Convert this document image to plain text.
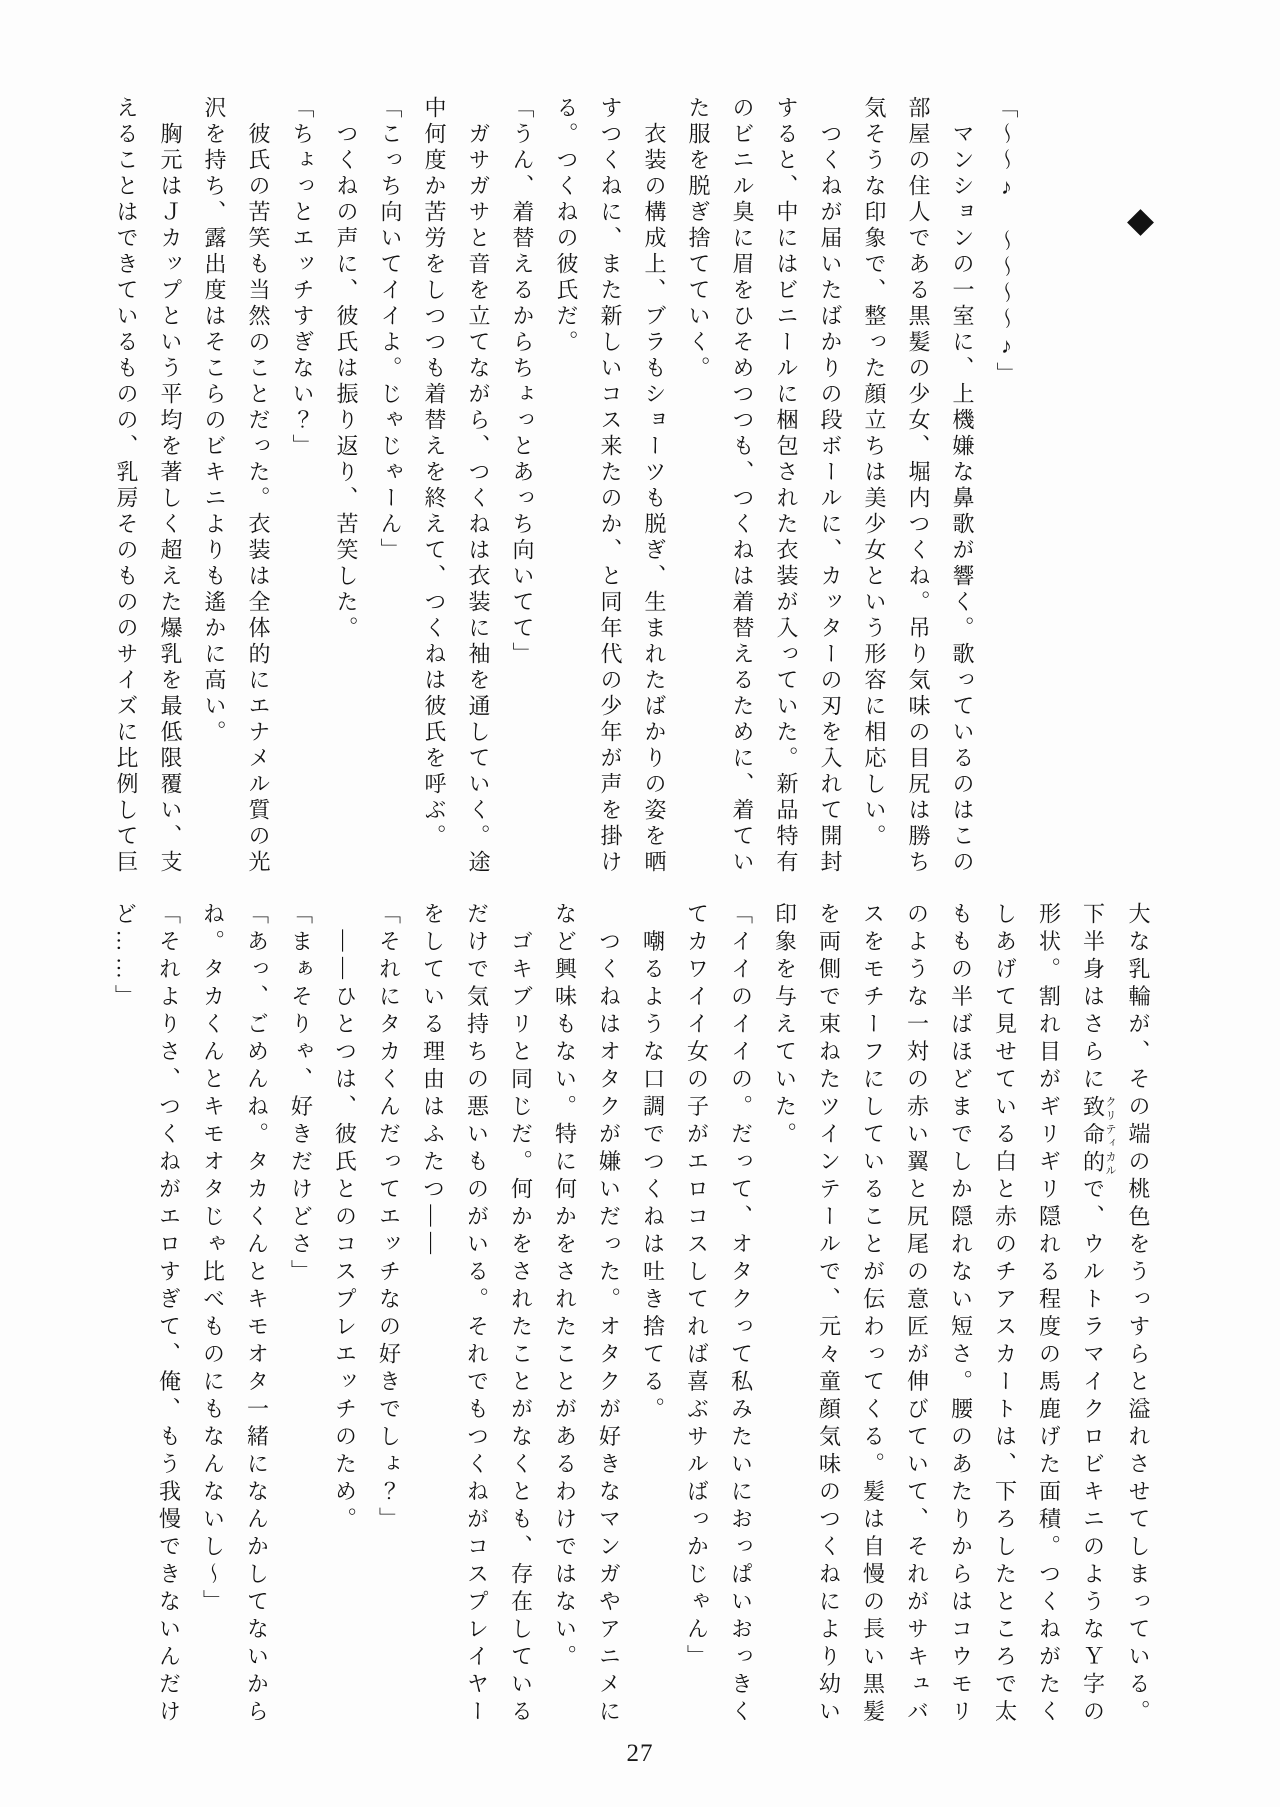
「〜〜♪　〜〜〜〜♪」

　マンションの一室に、上機嫌な鼻歌が響く。歌っているのはこの

部屋の住人である黒髪の少女、堀内つくね。吊り気味の目尻は勝ち

気そうな印象で、整った顔立ちは美少女という形容に相応しい。

　つくねが届いたばかりの段ボールに、カッターの刃を入れて開封

すると、中にはビニールに梱包された衣装が入っていた。新品特有

のビニル臭に眉をひそめつつも、つくねは着替えるために、着てい

た服を脱ぎ捨てていく。

　衣装の構成上、ブラもショーツも脱ぎ、生まれたばかりの姿を晒

すつくねに、また新しいコス来たのか、と同年代の少年が声を掛け

る。つくねの彼氏だ。

「うん、着替えるからちょっとあっち向いてて」

　ガサガサと音を立てながら、つくねは衣装に袖を通していく。途

中何度か苦労をしつつも着替えを終えて、つくねは彼氏を呼ぶ。

「こっち向いてイイよ。じゃじゃーん」

　つくねの声に、彼氏は振り返り、苦笑した。

「ちょっとエッチすぎない？」

　彼氏の苦笑も当然のことだった。衣装は全体的にエナメル質の光

沢を持ち、露出度はそこらのビキニよりも遙かに高い。

　胸元はＪカップという平均を著しく超えた爆乳を最低限覆い、支

えることはできているものの、乳房そのもののサイズに比例して巨

大な乳輪が、その端の桃色をうっすらと溢れさせてしまっている。

下半身はさらに致命的クリティカルで、ウルトラマイクロビキニのようなＹ字の

形状。割れ目がギリギリ隠れる程度の馬鹿げた面積。つくねがたく

しあげて見せている白と赤のチアスカートは、下ろしたところで太

ももの半ばほどまでしか隠れない短さ。腰のあたりからはコウモリ

のような一対の赤い翼と尻尾の意匠が伸びていて、それがサキュバ

スをモチーフにしていることが伝わってくる。髪は自慢の長い黒髪

を両側で束ねたツインテールで、元々童顔気味のつくねにより幼い

印象を与えていた。

「イイのイイの。だって、オタクって私みたいにおっぱいおっきく

てカワイイ女の子がエロコスしてれば喜ぶサルばっかじゃん」

　嘲るような口調でつくねは吐き捨てる。

　つくねはオタクが嫌いだった。オタクが好きなマンガやアニメに

など興味もない。特に何かをされたことがあるわけではない。

　ゴキブリと同じだ。何かをされたことがなくとも、存在している

だけで気持ちの悪いものがいる。それでもつくねがコスプレイヤー

をしている理由はふたつ——

「それにタカくんだってエッチなの好きでしょ？」

　——ひとつは、彼氏とのコスプレエッチのため。

「まぁそりゃ、好きだけどさ」

「あっ、ごめんね。タカくんとキモオタ一緒になんかしてないから

ね。タカくんとキモオタじゃ比べものにもなんないし〜」

「それよりさ、つくねがエロすぎて、俺、もう我慢できないんだけ

ど……」

27
